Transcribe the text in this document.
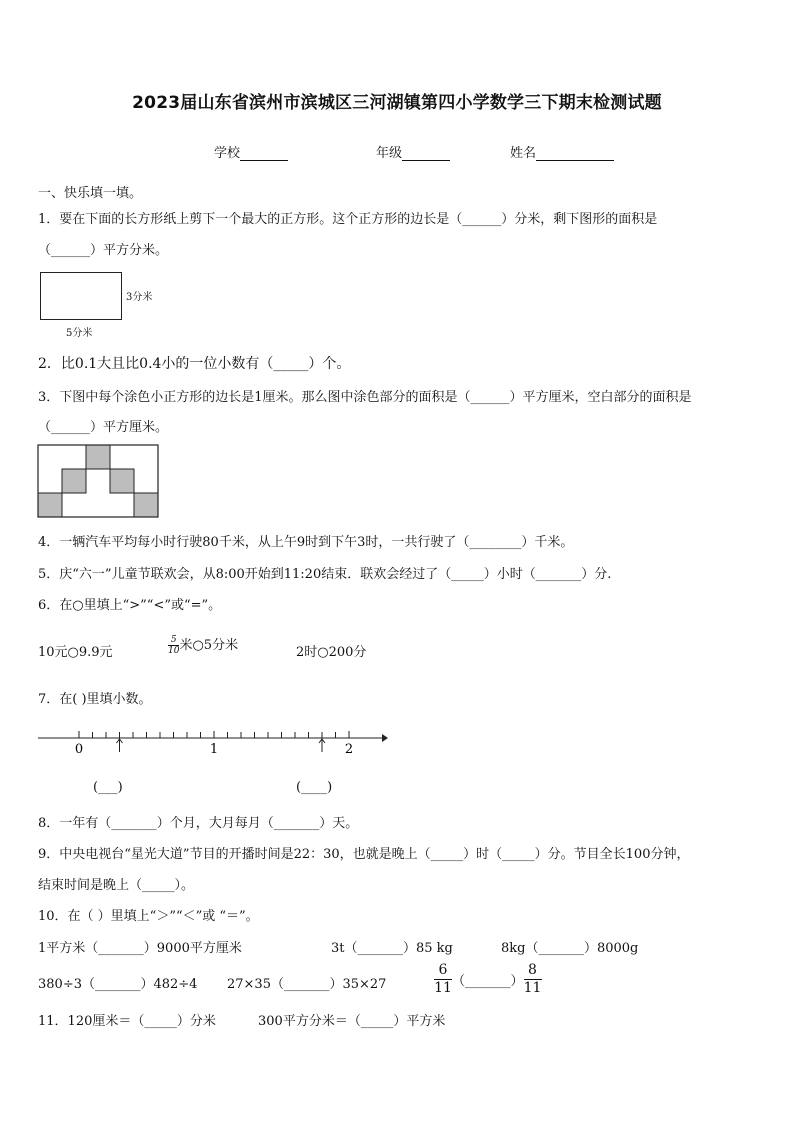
2023届山东省滨州市滨城区三河湖镇第四小学数学三下期末检测试题
学校	年级	姓名
一、快乐填一填。
1．要在下面的长方形纸上剪下一个最大的正方形。这个正方形的边长是（______）分米，剩下图形的面积是
（______）平方分米。
3分米
5分米
2．比0.1大且比0.4小的一位小数有（_____）个。
3．下图中每个涂色小正方形的边长是1厘米。那么图中涂色部分的面积是（______）平方厘米，空白部分的面积是
（______）平方厘米。
4．一辆汽车平均每小时行驶80千米，从上午9时到下午3时，一共行驶了（________）千米。
5．庆“六一”儿童节联欢会，从8:00开始到11:20结束．联欢会经过了（_____）小时（_______）分.
6．在○里填上“>”“<”或“=”。
10元○9.9元	$\frac{5}{10}$ 米○5分米	2时○200分
7．在( )里填小数。
0	1	2
(___)	(____)
8．一年有（_______）个月，大月每月（_______）天。
9．中央电视台“星光大道”节目的开播时间是22：30，也就是晚上（_____）时（_____）分。节目全长100分钟，
结束时间是晚上（_____）。
10．在（ ）里填上“＞”“＜”或 “＝”。
1平方米（_______）9000平方厘米	3t（_______）85 kg	8kg（_______）8000g
380÷3（_______）482÷4 27×35（_______）35×27	$\frac{6}{11}$ （_______） $\frac{8}{11}$
11．120厘米＝（_____）分米	300平方分米＝（_____）平方米
